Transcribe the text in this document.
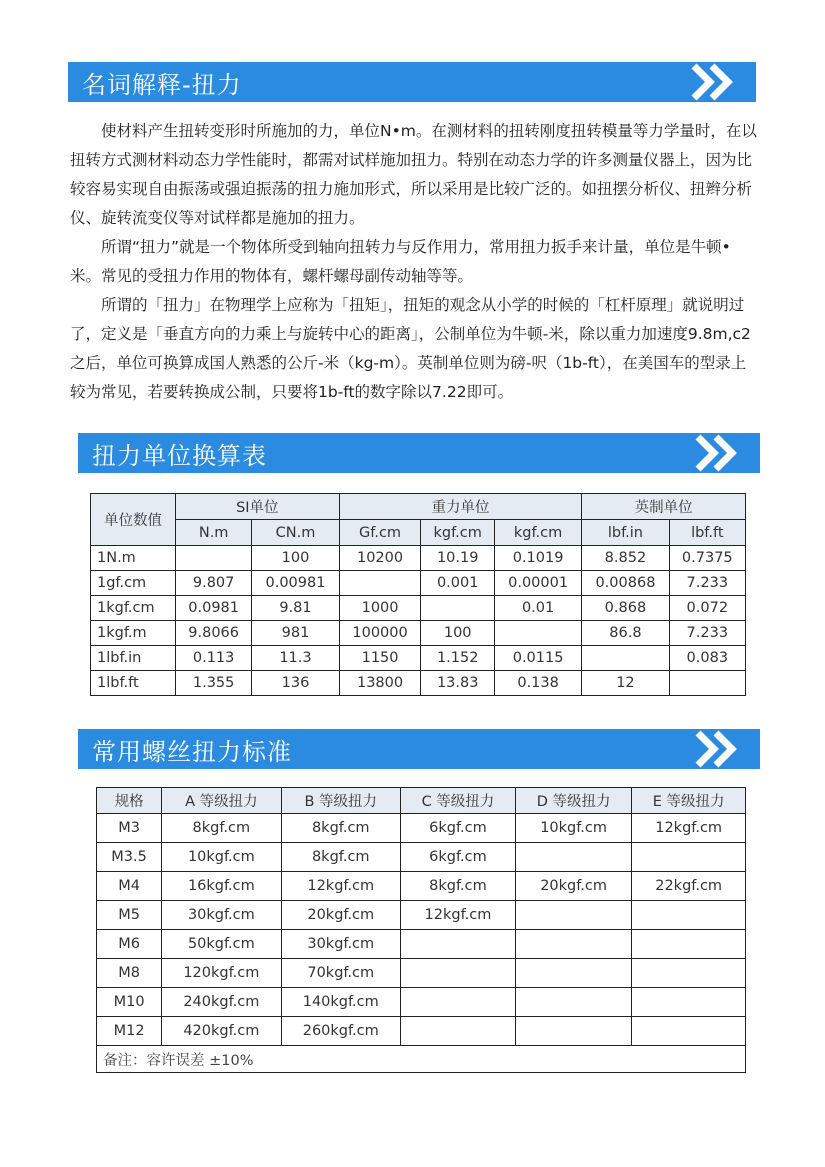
名词解释-扭力

使材料产生扭转变形时所施加的力，单位N•m。在测材料的扭转刚度扭转模量等力学量时，在以扭转方式测材料动态力学性能时，都需对试样施加扭力。特别在动态力学的许多测量仪器上，因为比较容易实现自由振荡或强迫振荡的扭力施加形式，所以采用是比较广泛的。如扭摆分析仪、扭辫分析仪、旋转流变仪等对试样都是施加的扭力。

所谓“扭力”就是一个物体所受到轴向扭转力与反作用力，常用扭力扳手来计量，单位是牛顿•米。常见的受扭力作用的物体有，螺杆螺母副传动轴等等。

所谓的「扭力」在物理学上应称为「扭矩」，扭矩的观念从小学的时候的「杠杆原理」就说明过了，定义是「垂直方向的力乘上与旋转中心的距离」，公制单位为牛顿-米，除以重力加速度9.8m,c2之后，单位可换算成国人熟悉的公斤-米（kg-m）。英制单位则为磅-呎（1b-ft），在美国车的型录上较为常见，若要转换成公制，只要将1b-ft的数字除以7.22即可。

扭力单位换算表
单位数值	SI单位		重力单位			英制单位	
	N.m	CN.m	Gf.cm	kgf.cm	kgf.cm	lbf.in	lbf.ft
1N.m		100	10200	10.19	0.1019	8.852	0.7375
1gf.cm	9.807	0.00981		0.001	0.00001	0.00868	7.233
1kgf.cm	0.0981	9.81	1000		0.01	0.868	0.072
1kgf.m	9.8066	981	100000	100		86.8	7.233
1lbf.in	0.113	11.3	1150	1.152	0.0115		0.083
1lbf.ft	1.355	136	13800	13.83	0.138	12	
常用螺丝扭力标准
规格	A 等级扭力	B 等级扭力	C 等级扭力	D 等级扭力	E 等级扭力
M3	8kgf.cm	8kgf.cm	6kgf.cm	10kgf.cm	12kgf.cm
M3.5	10kgf.cm	8kgf.cm	6kgf.cm		
M4	16kgf.cm	12kgf.cm	8kgf.cm	20kgf.cm	22kgf.cm
M5	30kgf.cm	20kgf.cm	12kgf.cm		
M6	50kgf.cm	30kgf.cm			
M8	120kgf.cm	70kgf.cm			
M10	240kgf.cm	140kgf.cm			
M12	420kgf.cm	260kgf.cm			
备注：容许误差 ±10%					
